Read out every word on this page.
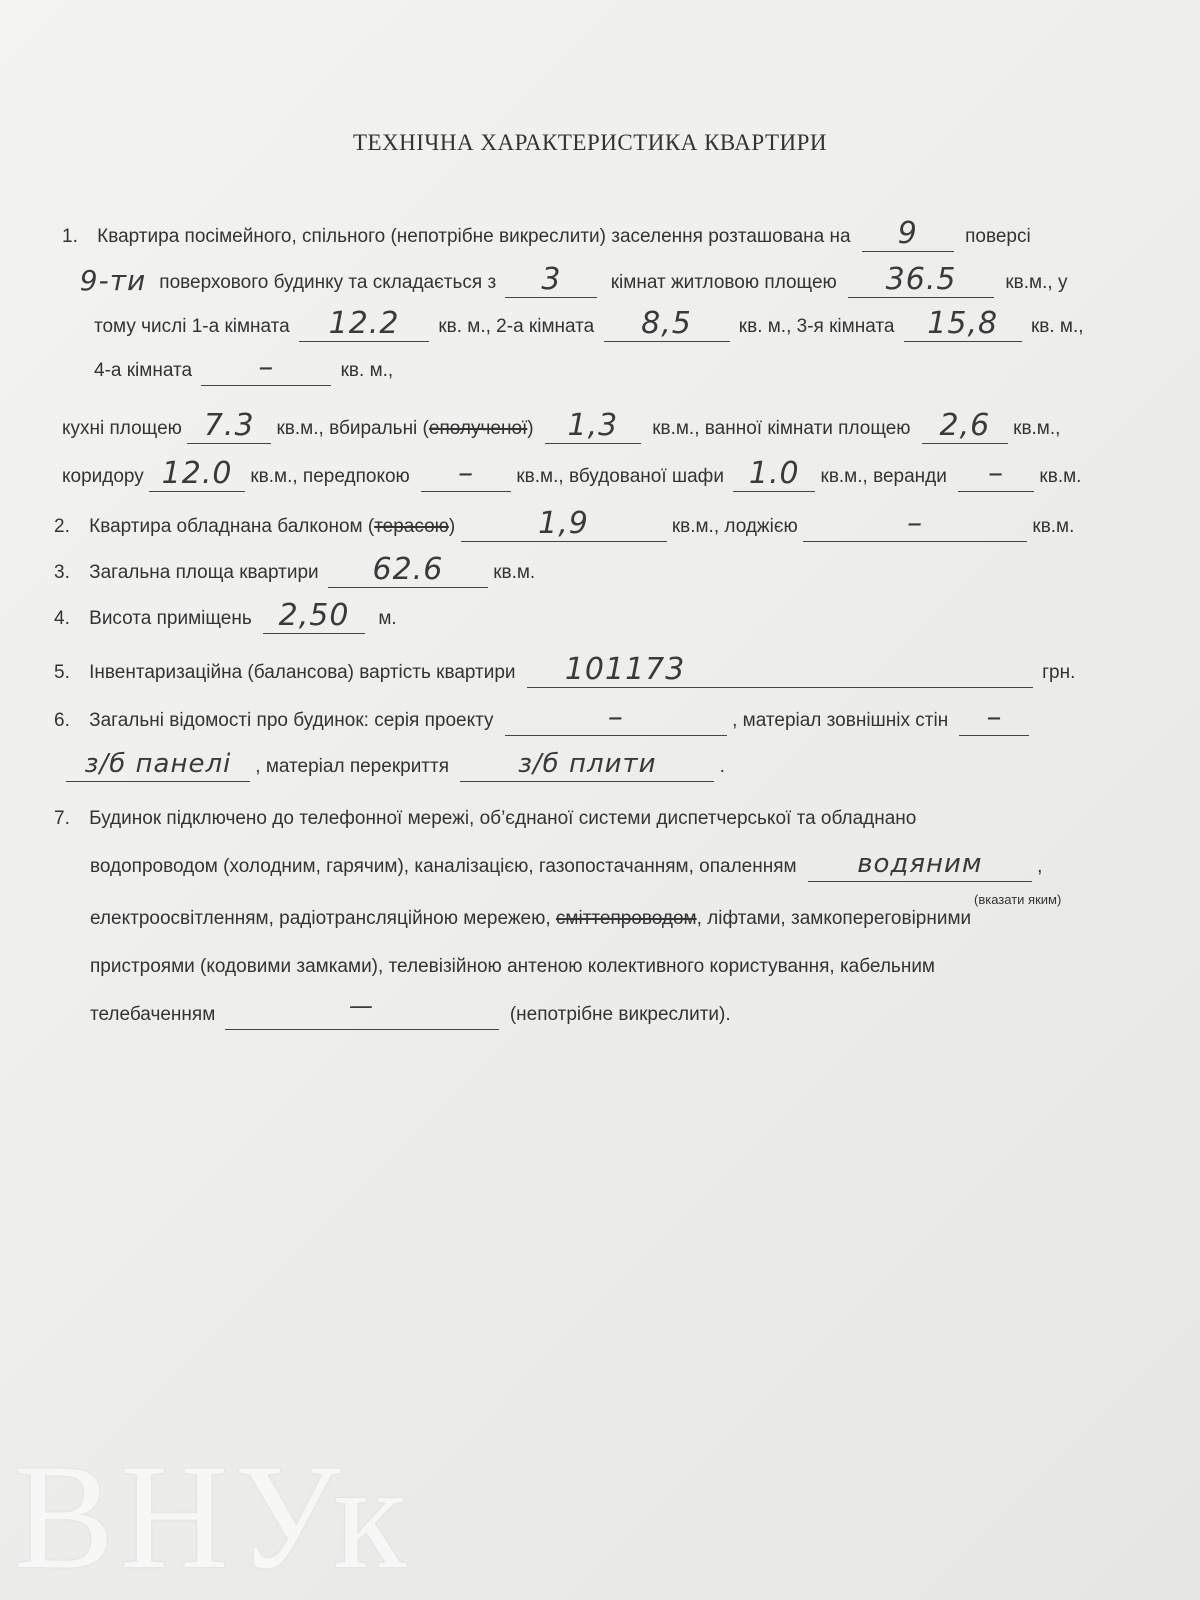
ТЕХНІЧНА ХАРАКТЕРИСТИКА КВАРТИРИ
1. Квартира посімейного, спільного (непотрібне викреслити) заселення розташована на	9	поверсі
9-ти поверхового будинку та складається з	3	кімнат житловою площею	36.5	кв.м., у
тому числі 1-а кімната	12.2	кв. м., 2-а кімната	8,5	кв. м., 3-я кімната	15,8	кв. м.,
4-а кімната	–	кв. м.,
кухні площею 7.3	кв.м., вбиральні (еполученої)	1,3	кв.м., ванної кімнати площею 2,6	кв.м.,
коридору 12.0 кв.м., передпокою	–	кв.м., вбудованої шафи 1.0	кв.м., веранди	–	кв.м.
2. Квартира обладнана балконом (терасою)	1,9	кв.м., лоджією	–	кв.м.
3. Загальна площа квартири	62.6	кв.м.
4. Висота приміщень 2,50	м.
5. Інвентаризаційна (балансова) вартість квартири	101173	грн.
6. Загальні відомості про будинок: серія проекту	–	, матеріал зовнішніх стін	–
з/б панелі	, матеріал перекриття	з/б плити	.
7. Будинок підключено до телефонної мережі, об’єднаної системи диспетчерської та обладнано
водопроводом (холодним, гарячим), каналізацією, газопостачанням, опаленням	водяним	,
(вказати яким)
електроосвітленням, радіотрансляційною мережею, сміттепроводом, ліфтами, замкопереговірними
пристроями (кодовими замками), телевізійною антеною колективного користування, кабельним
телебаченням	—	(непотрібне викреслити).
ВНУк
